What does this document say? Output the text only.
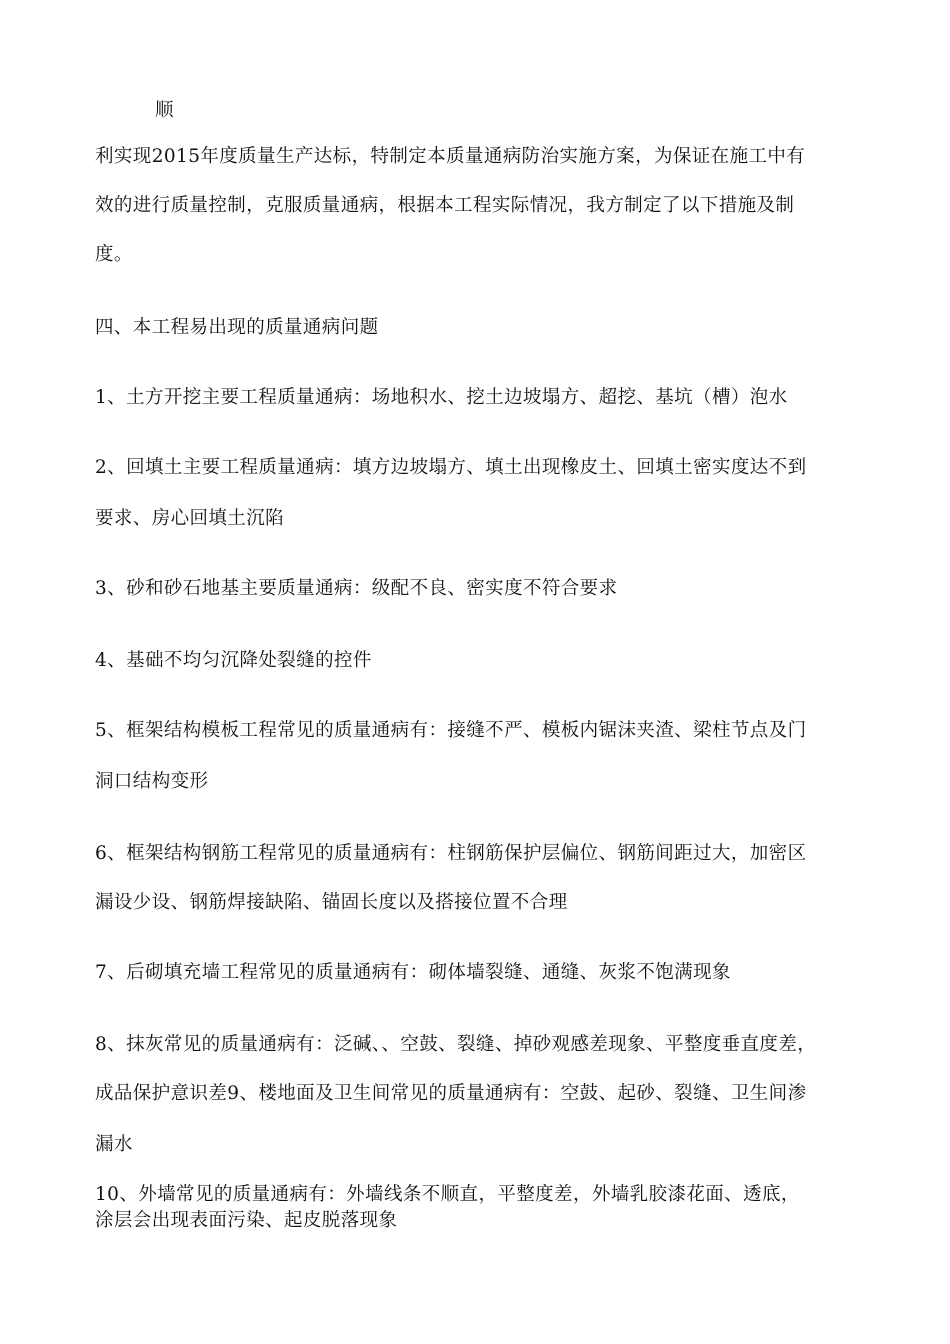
顺
利实现2015年度质量生产达标，特制定本质量通病防治实施方案，为保证在施工中有
效的进行质量控制，克服质量通病，根据本工程实际情况，我方制定了以下措施及制
度。
四、本工程易出现的质量通病问题
1、土方开挖主要工程质量通病：场地积水、挖土边坡塌方、超挖、基坑（槽）泡水
2、回填土主要工程质量通病：填方边坡塌方、填土出现橡皮土、回填土密实度达不到
要求、房心回填土沉陷
3、砂和砂石地基主要质量通病：级配不良、密实度不符合要求
4、基础不均匀沉降处裂缝的控件
5、框架结构模板工程常见的质量通病有：接缝不严、模板内锯沫夹渣、梁柱节点及门
洞口结构变形
6、框架结构钢筋工程常见的质量通病有：柱钢筋保护层偏位、钢筋间距过大，加密区
漏设少设、钢筋焊接缺陷、锚固长度以及搭接位置不合理
7、后砌填充墙工程常见的质量通病有：砌体墙裂缝、通缝、灰浆不饱满现象
8、抹灰常见的质量通病有：泛碱、、空鼓、裂缝、掉砂观感差现象、平整度垂直度差，
成品保护意识差9、楼地面及卫生间常见的质量通病有：空鼓、起砂、裂缝、卫生间渗
漏水
10、外墙常见的质量通病有：外墙线条不顺直，平整度差，外墙乳胶漆花面、透底，
涂层会出现表面污染、起皮脱落现象
